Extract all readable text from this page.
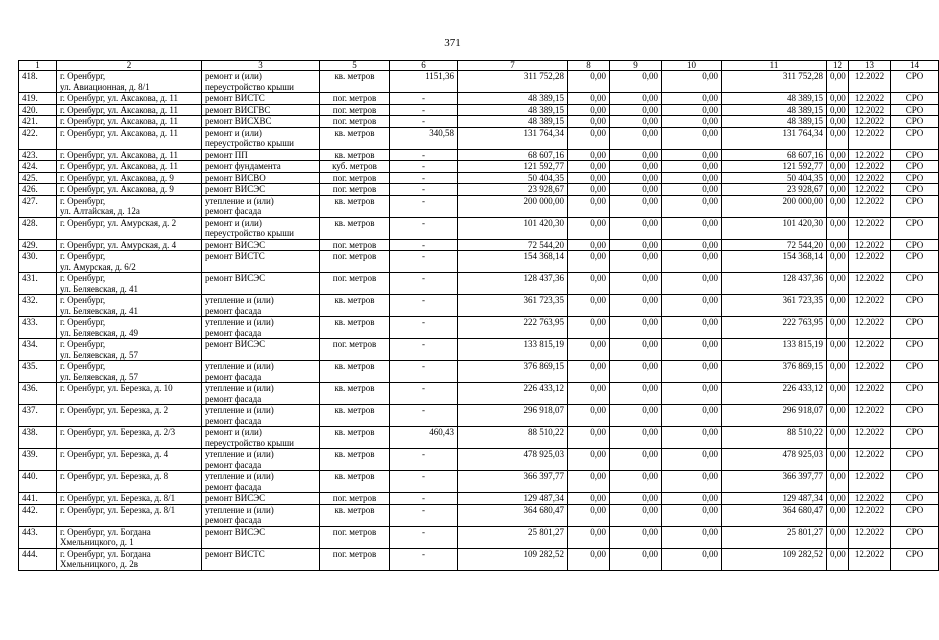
371
1	2	3	5	6	7	8	9	10	11	12	13	14
418.	г. Оренбург,
ул. Авиационная, д. 8/1	ремонт и (или)
переустройство крыши	кв. метров	1151,36	311 752,28	0,00	0,00	0,00	311 752,28	0,00	12.2022	СРО
419.	г. Оренбург, ул. Аксакова, д. 11	ремонт ВИСТС	пог. метров	-	48 389,15	0,00	0,00	0,00	48 389,15	0,00	12.2022	СРО
420.	г. Оренбург, ул. Аксакова, д. 11	ремонт ВИСГВС	пог. метров	-	48 389,15	0,00	0,00	0,00	48 389,15	0,00	12.2022	СРО
421.	г. Оренбург, ул. Аксакова, д. 11	ремонт ВИСХВС	пог. метров	-	48 389,15	0,00	0,00	0,00	48 389,15	0,00	12.2022	СРО
422.	г. Оренбург, ул. Аксакова, д. 11	ремонт и (или)
переустройство крыши	кв. метров	340,58	131 764,34	0,00	0,00	0,00	131 764,34	0,00	12.2022	СРО
423.	г. Оренбург, ул. Аксакова, д. 11	ремонт ПП	кв. метров	-	68 607,16	0,00	0,00	0,00	68 607,16	0,00	12.2022	СРО
424.	г. Оренбург, ул. Аксакова, д. 11	ремонт фундамента	куб. метров	-	121 592,77	0,00	0,00	0,00	121 592,77	0,00	12.2022	СРО
425.	г. Оренбург, ул. Аксакова, д. 9	ремонт ВИСВО	пог. метров	-	50 404,35	0,00	0,00	0,00	50 404,35	0,00	12.2022	СРО
426.	г. Оренбург, ул. Аксакова, д. 9	ремонт ВИСЭС	пог. метров	-	23 928,67	0,00	0,00	0,00	23 928,67	0,00	12.2022	СРО
427.	г. Оренбург,
ул. Алтайская, д. 12а	утепление и (или)
ремонт фасада	кв. метров	-	200 000,00	0,00	0,00	0,00	200 000,00	0,00	12.2022	СРО
428.	г. Оренбург, ул. Амурская, д. 2	ремонт и (или)
переустройство крыши	кв. метров	-	101 420,30	0,00	0,00	0,00	101 420,30	0,00	12.2022	СРО
429.	г. Оренбург, ул. Амурская, д. 4	ремонт ВИСЭС	пог. метров	-	72 544,20	0,00	0,00	0,00	72 544,20	0,00	12.2022	СРО
430.	г. Оренбург,
ул. Амурская, д. 6/2	ремонт ВИСТС	пог. метров	-	154 368,14	0,00	0,00	0,00	154 368,14	0,00	12.2022	СРО
431.	г. Оренбург,
ул. Беляевская, д. 41	ремонт ВИСЭС	пог. метров	-	128 437,36	0,00	0,00	0,00	128 437,36	0,00	12.2022	СРО
432.	г. Оренбург,
ул. Беляевская, д. 41	утепление и (или)
ремонт фасада	кв. метров	-	361 723,35	0,00	0,00	0,00	361 723,35	0,00	12.2022	СРО
433.	г. Оренбург,
ул. Беляевская, д. 49	утепление и (или)
ремонт фасада	кв. метров	-	222 763,95	0,00	0,00	0,00	222 763,95	0,00	12.2022	СРО
434.	г. Оренбург,
ул. Беляевская, д. 57	ремонт ВИСЭС	пог. метров	-	133 815,19	0,00	0,00	0,00	133 815,19	0,00	12.2022	СРО
435.	г. Оренбург,
ул. Беляевская, д. 57	утепление и (или)
ремонт фасада	кв. метров	-	376 869,15	0,00	0,00	0,00	376 869,15	0,00	12.2022	СРО
436.	г. Оренбург, ул. Березка, д. 10	утепление и (или)
ремонт фасада	кв. метров	-	226 433,12	0,00	0,00	0,00	226 433,12	0,00	12.2022	СРО
437.	г. Оренбург, ул. Березка, д. 2	утепление и (или)
ремонт фасада	кв. метров	-	296 918,07	0,00	0,00	0,00	296 918,07	0,00	12.2022	СРО
438.	г. Оренбург, ул. Березка, д. 2/3	ремонт и (или)
переустройство крыши	кв. метров	460,43	88 510,22	0,00	0,00	0,00	88 510,22	0,00	12.2022	СРО
439.	г. Оренбург, ул. Березка, д. 4	утепление и (или)
ремонт фасада	кв. метров	-	478 925,03	0,00	0,00	0,00	478 925,03	0,00	12.2022	СРО
440.	г. Оренбург, ул. Березка, д. 8	утепление и (или)
ремонт фасада	кв. метров	-	366 397,77	0,00	0,00	0,00	366 397,77	0,00	12.2022	СРО
441.	г. Оренбург, ул. Березка, д. 8/1	ремонт ВИСЭС	пог. метров	-	129 487,34	0,00	0,00	0,00	129 487,34	0,00	12.2022	СРО
442.	г. Оренбург, ул. Березка, д. 8/1	утепление и (или)
ремонт фасада	кв. метров	-	364 680,47	0,00	0,00	0,00	364 680,47	0,00	12.2022	СРО
443.	г. Оренбург, ул. Богдана
Хмельницкого, д. 1	ремонт ВИСЭС	пог. метров	-	25 801,27	0,00	0,00	0,00	25 801,27	0,00	12.2022	СРО
444.	г. Оренбург, ул. Богдана
Хмельницкого, д. 2в	ремонт ВИСТС	пог. метров	-	109 282,52	0,00	0,00	0,00	109 282,52	0,00	12.2022	СРО
